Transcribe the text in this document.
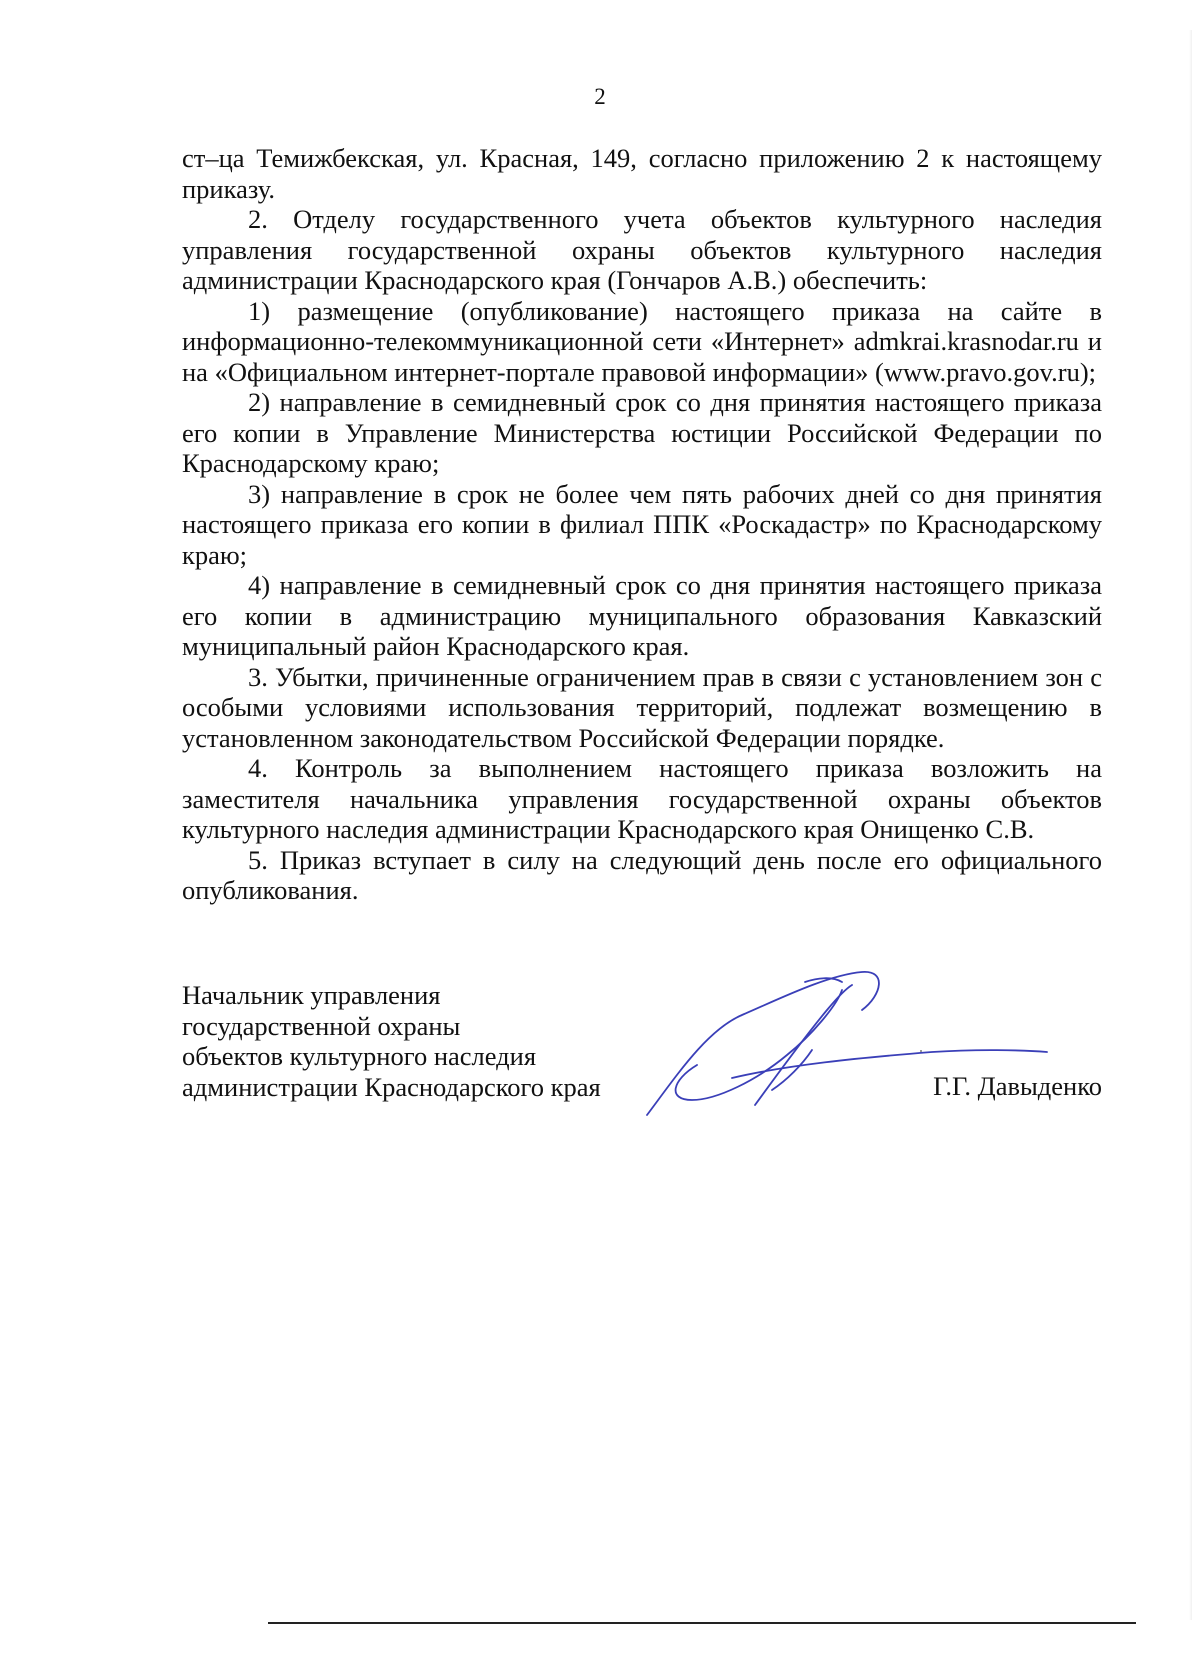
2

ст–ца Темижбекская, ул. Красная, 149, согласно приложению 2 к настоящему приказу.

2. Отделу государственного учета объектов культурного наследия управления государственной охраны объектов культурного наследия администрации Краснодарского края (Гончаров А.В.) обеспечить:

1) размещение (опубликование) настоящего приказа на сайте в информационно-телекоммуникационной сети «Интернет» admkrai.krasnodar.ru и на «Официальном интернет-портале правовой информации» (www.pravo.gov.ru);

2) направление в семидневный срок со дня принятия настоящего приказа его копии в Управление Министерства юстиции Российской Федерации по Краснодарскому краю;

3) направление в срок не более чем пять рабочих дней со дня принятия настоящего приказа его копии в филиал ППК «Роскадастр» по Краснодарскому краю;

4) направление в семидневный срок со дня принятия настоящего приказа его копии в администрацию муниципального образования Кавказский муниципальный район Краснодарского края.

3. Убытки, причиненные ограничением прав в связи с установлением зон с особыми условиями использования территорий, подлежат возмещению в установленном законодательством Российской Федерации порядке.

4. Контроль за выполнением настоящего приказа возложить на заместителя начальника управления государственной охраны объектов культурного наследия администрации Краснодарского края Онищенко С.В.

5. Приказ вступает в силу на следующий день после его официального опубликования.

Начальник управления
государственной охраны
объектов культурного наследия
администрации Краснодарского края	Г.Г. Давыденко
